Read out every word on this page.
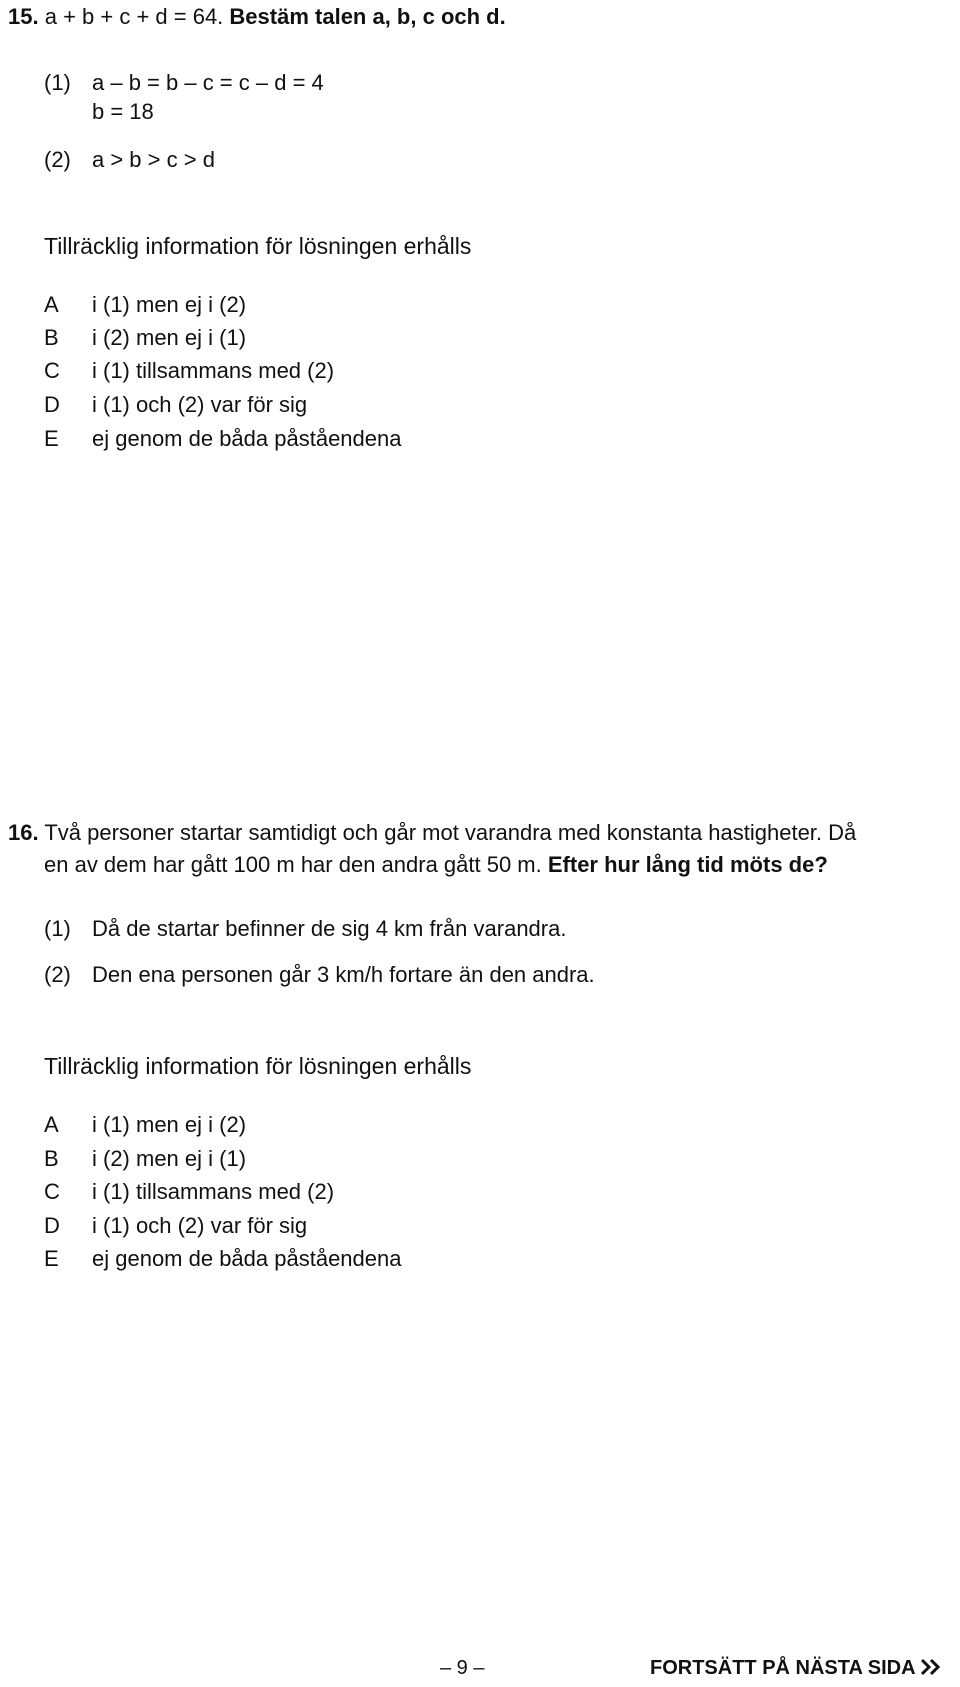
15. a + b + c + d = 64. Bestäm talen a, b, c och d.
(1) a – b = b – c = c – d = 4
b = 18
(2) a > b > c > d
Tillräcklig information för lösningen erhålls
A i (1) men ej i (2)
B i (2) men ej i (1)
C i (1) tillsammans med (2)
D i (1) och (2) var för sig
E ej genom de båda påståendena
16. Två personer startar samtidigt och går mot varandra med konstanta hastigheter. Då
en av dem har gått 100 m har den andra gått 50 m. Efter hur lång tid möts de?
(1) Då de startar befinner de sig 4 km från varandra.
(2) Den ena personen går 3 km/h fortare än den andra.
Tillräcklig information för lösningen erhålls
A i (1) men ej i (2)
B i (2) men ej i (1)
C i (1) tillsammans med (2)
D i (1) och (2) var för sig
E ej genom de båda påståendena
– 9 –	FORTSÄTT PÅ NÄSTA SIDA
